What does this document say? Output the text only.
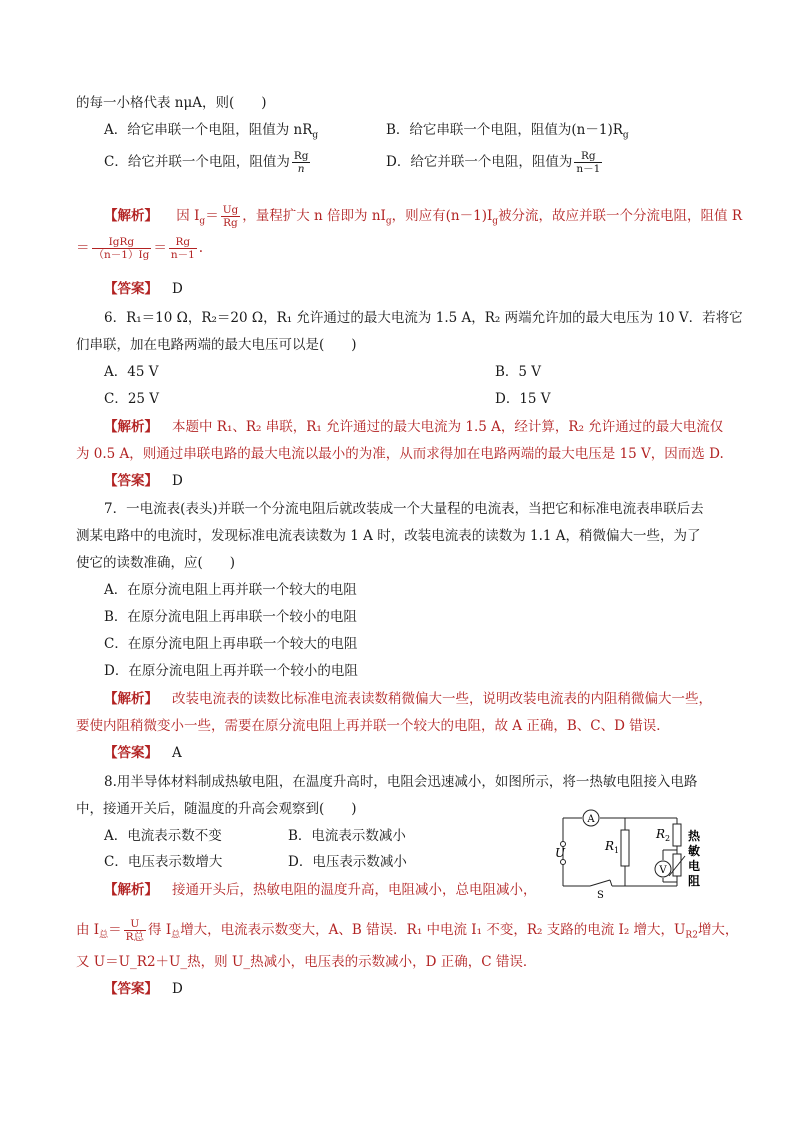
的每一小格代表 nμA，则(　　)
A．给它串联一个电阻，阻值为 $nR_g$	B．给它串联一个电阻，阻值为$(n-1)R_g$
C．给它并联一个电阻，阻值为 $\frac{Rg}{n}$	D．给它并联一个电阻，阻值为 $\frac{Rg}{n-1}$
【解析】 因 $I_g= \frac{Ug}{Rg}$ ，量程扩大 n 倍即为 $nI_g$，则应有$(n-1)I_g$被分流，故应并联一个分流电阻，阻值 R
＝ $\frac{\text{IgRg}}{(n-1)Ig} = \frac{Rg}{n-1}$ .
【答案】 D
6．R₁＝10 Ω，R₂＝20 Ω，R₁ 允许通过的最大电流为 1.5 A，R₂ 两端允许加的最大电压为 10 V．若将它
们串联，加在电路两端的最大电压可以是(　　)
A．45 V	B．5 V
C．25 V	D．15 V
【解析】 本题中 R₁、R₂ 串联，R₁ 允许通过的最大电流为 1.5 A，经计算，R₂ 允许通过的最大电流仅
为 0.5 A，则通过串联电路的最大电流以最小的为准，从而求得加在电路两端的最大电压是 15 V，因而选 D.
【答案】 D
7．一电流表(表头)并联一个分流电阻后就改装成一个大量程的电流表，当把它和标准电流表串联后去
测某电路中的电流时，发现标准电流表读数为 1 A 时，改装电流表的读数为 1.1 A，稍微偏大一些，为了
使它的读数准确，应(　　)
A．在原分流电阻上再并联一个较大的电阻
B．在原分流电阻上再串联一个较小的电阻
C．在原分流电阻上再串联一个较大的电阻
D．在原分流电阻上再并联一个较小的电阻
【解析】 改装电流表的读数比标准电流表读数稍微偏大一些，说明改装电流表的内阻稍微偏大一些，
要使内阻稍微变小一些，需要在原分流电阻上再并联一个较大的电阻，故 A 正确，B、C、D 错误．
【答案】 A
8.用半导体材料制成热敏电阻，在温度升高时，电阻会迅速减小，如图所示，将一热敏电阻接入电路
中，接通开关后，随温度的升高会观察到(　　)
A．电流表示数不变	B．电流表示数减小
C．电压表示数增大	D．电压表示数减小
【解析】 接通开头后，热敏电阻的温度升高，电阻减小，总电阻减小，
由 $I_总= \frac{U}{\text{R总}}$ 得 $I_总$增大，电流表示数变大，A、B 错误．R₁ 中电流 I₁ 不变，R₂ 支路的电流 I₂ 增大，$U_{R2}$增大，
又 U＝U_R2＋U_热，则 U_热减小，电压表的示数减小，D 正确，C 错误．
【答案】 D
A
V
R 1
R 2
U
S
热
敏
电
阻
